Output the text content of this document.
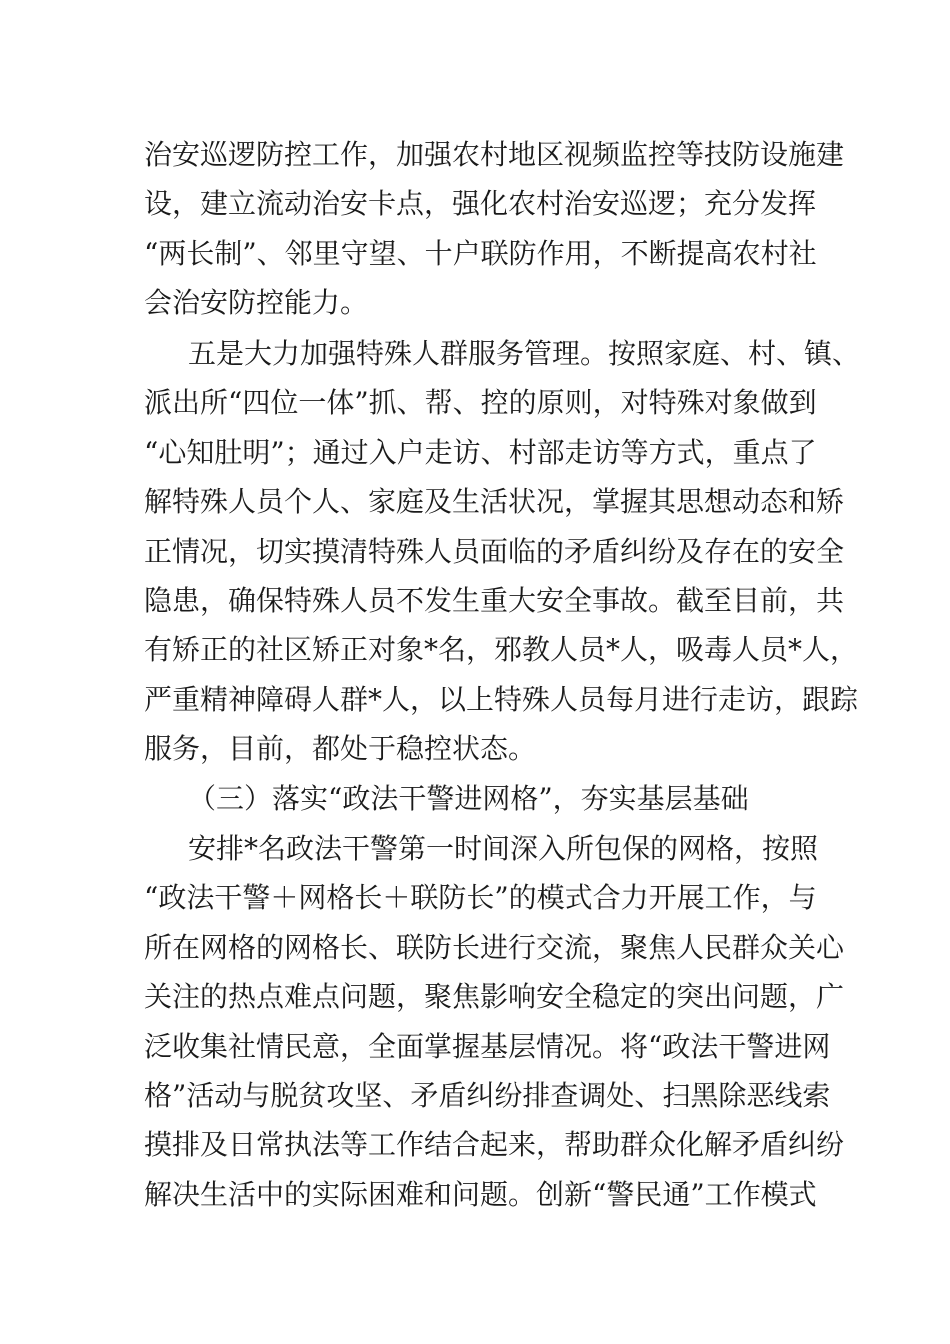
治安巡逻防控工作，加强农村地区视频监控等技防设施建
设，建立流动治安卡点，强化农村治安巡逻；充分发挥
“两长制”、邻里守望、十户联防作用，不断提高农村社
会治安防控能力。
五是大力加强特殊人群服务管理。按照家庭、村、镇、
派出所“四位一体”抓、帮、控的原则，对特殊对象做到
“心知肚明”；通过入户走访、村部走访等方式，重点了
解特殊人员个人、家庭及生活状况，掌握其思想动态和矫
正情况，切实摸清特殊人员面临的矛盾纠纷及存在的安全
隐患，确保特殊人员不发生重大安全事故。截至目前，共
有矫正的社区矫正对象*名，邪教人员*人，吸毒人员*人，
严重精神障碍人群*人，以上特殊人员每月进行走访，跟踪
服务，目前，都处于稳控状态。
（三）落实“政法干警进网格”，夯实基层基础
安排*名政法干警第一时间深入所包保的网格，按照
“政法干警＋网格长＋联防长”的模式合力开展工作，与
所在网格的网格长、联防长进行交流，聚焦人民群众关心
关注的热点难点问题，聚焦影响安全稳定的突出问题，广
泛收集社情民意，全面掌握基层情况。将“政法干警进网
格”活动与脱贫攻坚、矛盾纠纷排查调处、扫黑除恶线索
摸排及日常执法等工作结合起来，帮助群众化解矛盾纠纷
解决生活中的实际困难和问题。创新“警民通”工作模式
